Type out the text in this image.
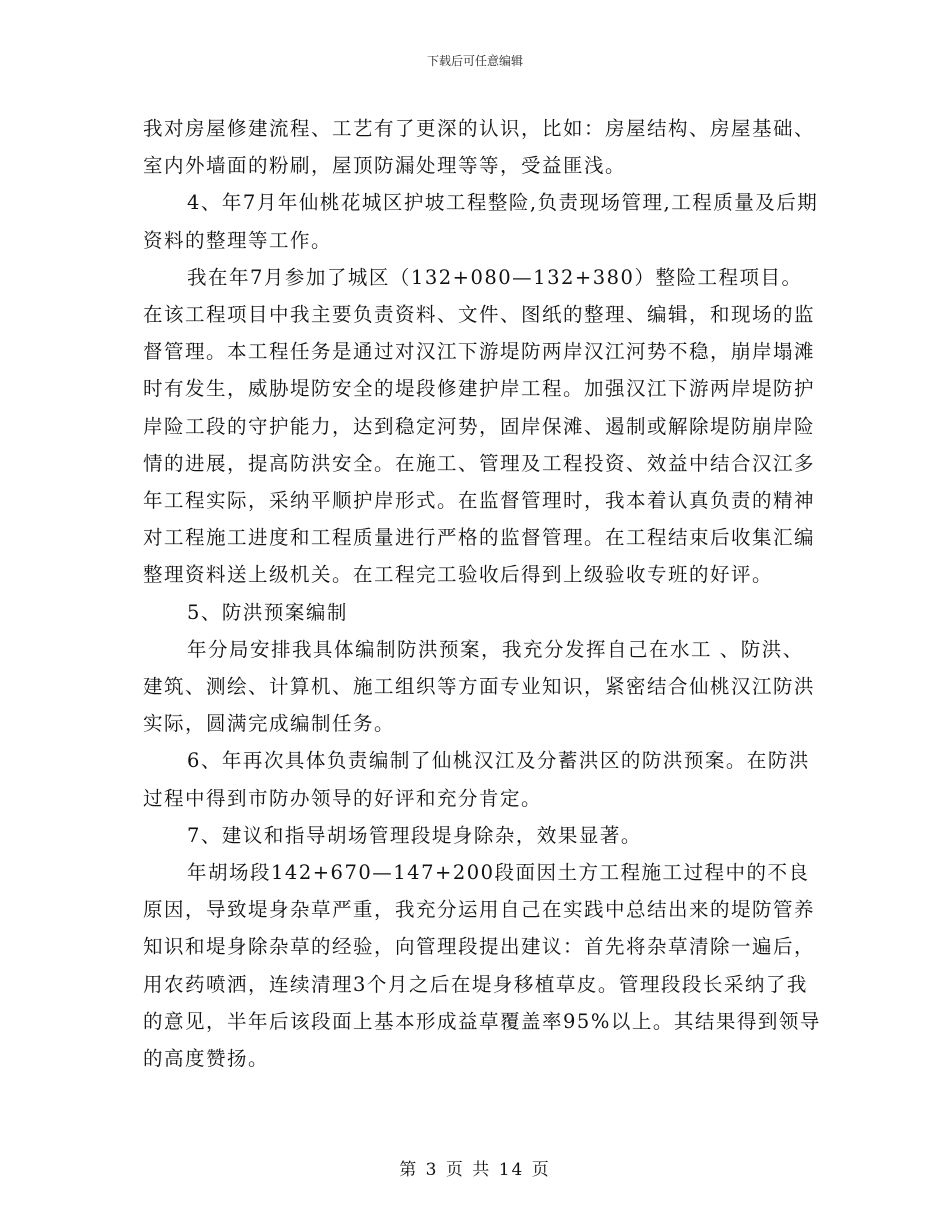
下载后可任意编辑

我对房屋修建流程、工艺有了更深的认识，比如：房屋结构、房屋基础、室内外墙面的粉刷，屋顶防漏处理等等，受益匪浅。

4、年7月年仙桃花城区护坡工程整险,负责现场管理,工程质量及后期资料的整理等工作。

我在年7月参加了城区（132+080—132+380）整险工程项目。在该工程项目中我主要负责资料、文件、图纸的整理、编辑，和现场的监督管理。本工程任务是通过对汉江下游堤防两岸汉江河势不稳，崩岸塌滩时有发生，威胁堤防安全的堤段修建护岸工程。加强汉江下游两岸堤防护岸险工段的守护能力，达到稳定河势，固岸保滩、遏制或解除堤防崩岸险情的进展，提高防洪安全。在施工、管理及工程投资、效益中结合汉江多年工程实际，采纳平顺护岸形式。在监督管理时，我本着认真负责的精神对工程施工进度和工程质量进行严格的监督管理。在工程结束后收集汇编整理资料送上级机关。在工程完工验收后得到上级验收专班的好评。

5、防洪预案编制

年分局安排我具体编制防洪预案，我充分发挥自己在水工 、防洪、建筑、测绘、计算机、施工组织等方面专业知识，紧密结合仙桃汉江防洪实际，圆满完成编制任务。

6、年再次具体负责编制了仙桃汉江及分蓄洪区的防洪预案。在防洪过程中得到市防办领导的好评和充分肯定。

7、建议和指导胡场管理段堤身除杂，效果显著。

年胡场段142+670—147+200段面因土方工程施工过程中的不良原因，导致堤身杂草严重，我充分运用自己在实践中总结出来的堤防管养知识和堤身除杂草的经验，向管理段提出建议：首先将杂草清除一遍后，用农药喷洒，连续清理3个月之后在堤身移植草皮。管理段段长采纳了我的意见，半年后该段面上基本形成益草覆盖率95%以上。其结果得到领导的高度赞扬。

第 3 页 共 14 页
